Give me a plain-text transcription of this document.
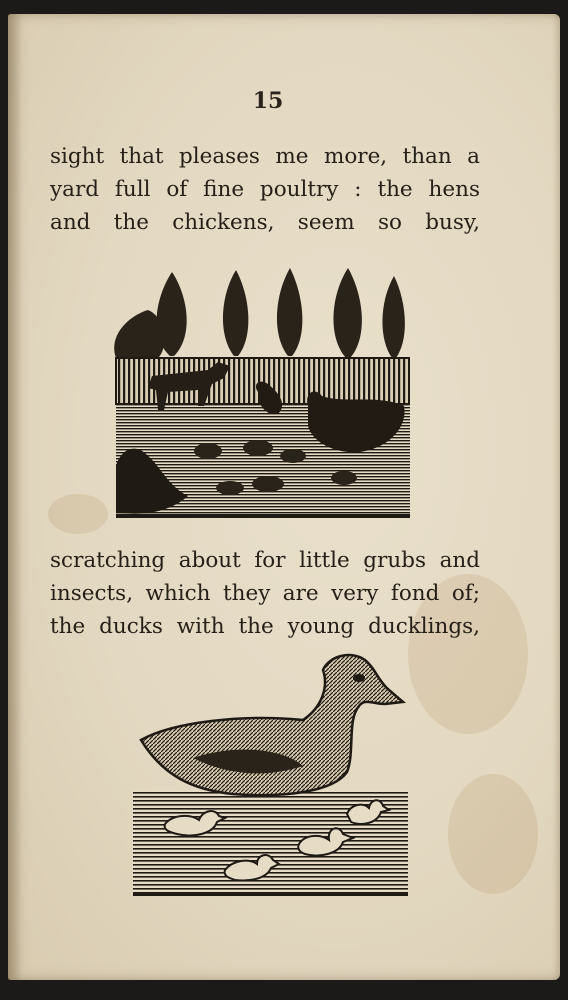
15
sight that pleases me more, than a
yard full of fine poultry : the hens
and the chickens, seem so busy,
scratching about for little grubs and
insects, which they are very fond of;
the ducks with the young ducklings,
